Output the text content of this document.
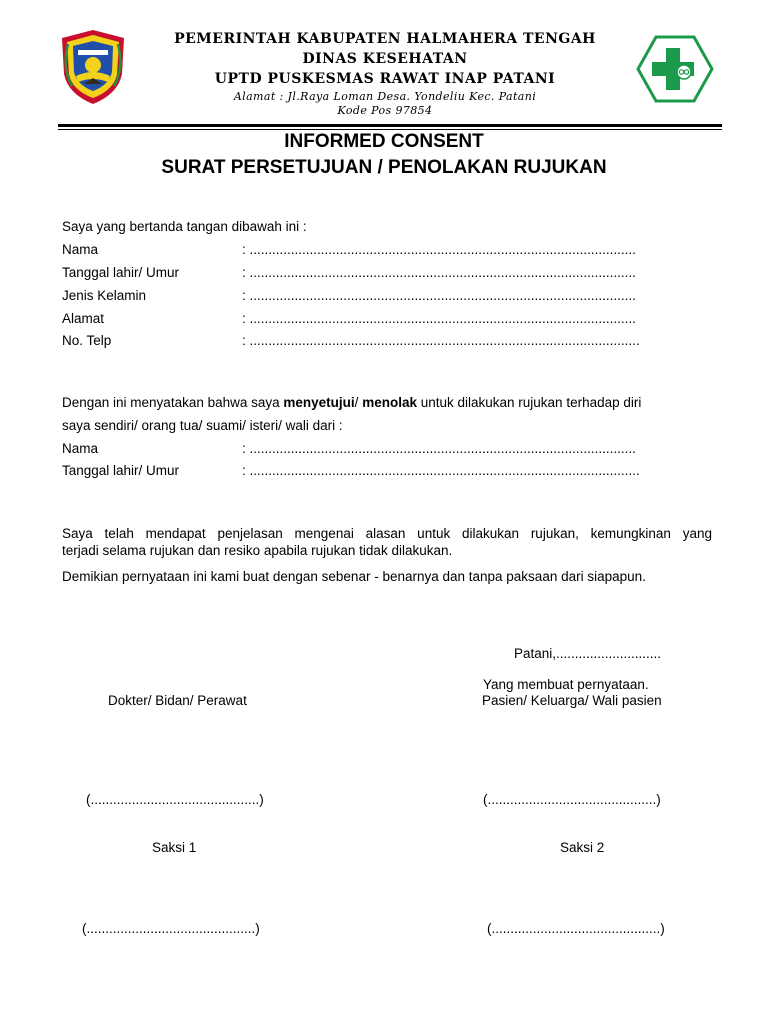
PEMERINTAH KABUPATEN HALMAHERA TENGAH
DINAS KESEHATAN
UPTD PUSKESMAS RAWAT INAP PATANI
Alamat : Jl.Raya Loman Desa. Yondeliu Kec. Patani
Kode Pos 97854
INFORMED CONSENT
SURAT PERSETUJUAN / PENOLAKAN RUJUKAN
Saya yang bertanda tangan dibawah ini :
Nama	: .......................................................................................................
Tanggal lahir/ Umur	: .......................................................................................................
Jenis Kelamin	: .......................................................................................................
Alamat	: .......................................................................................................
No. Telp	: ........................................................................................................
Dengan ini menyatakan bahwa saya menyetujui/ menolak untuk dilakukan rujukan terhadap diri
saya sendiri/ orang tua/ suami/ isteri/ wali dari :
Nama	: .......................................................................................................
Tanggal lahir/ Umur	: ........................................................................................................
Saya telah mendapat penjelasan mengenai alasan untuk dilakukan rujukan, kemungkinan yang
terjadi selama rujukan dan resiko apabila rujukan tidak dilakukan.
Demikian pernyataan ini kami buat dengan sebenar - benarnya dan tanpa paksaan dari siapapun.
Patani,............................
Yang membuat pernyataan.
Dokter/ Bidan/ Perawat	Pasien/ Keluarga/ Wali pasien
(.............................................)	(.............................................)
Saksi 1	Saksi 2
(.............................................)	(.............................................)
